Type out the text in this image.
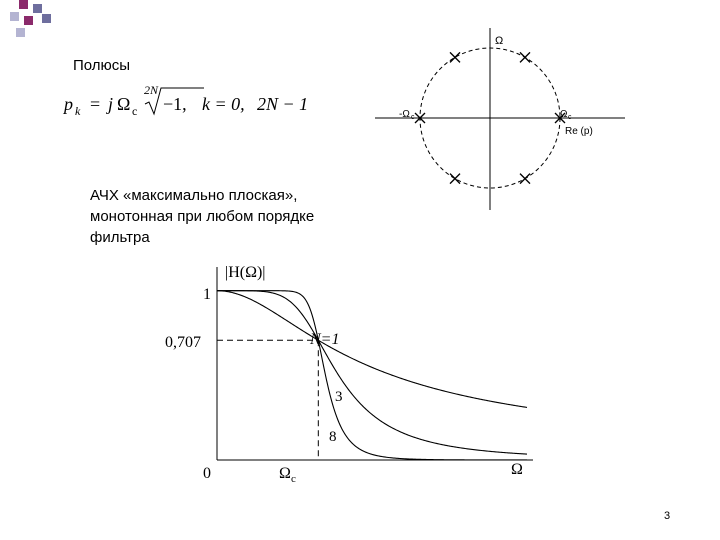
Полюсы
p k = j Ω c
2N
−1, k = 0, 2N − 1
Ω
Re (p)
-Ω c	Ω c
АЧХ «максимально плоская»,
монотонная при любом порядке
фильтра
|H(Ω)|
1
0,707
0	Ω c
Ω
N=1
3
8
3
